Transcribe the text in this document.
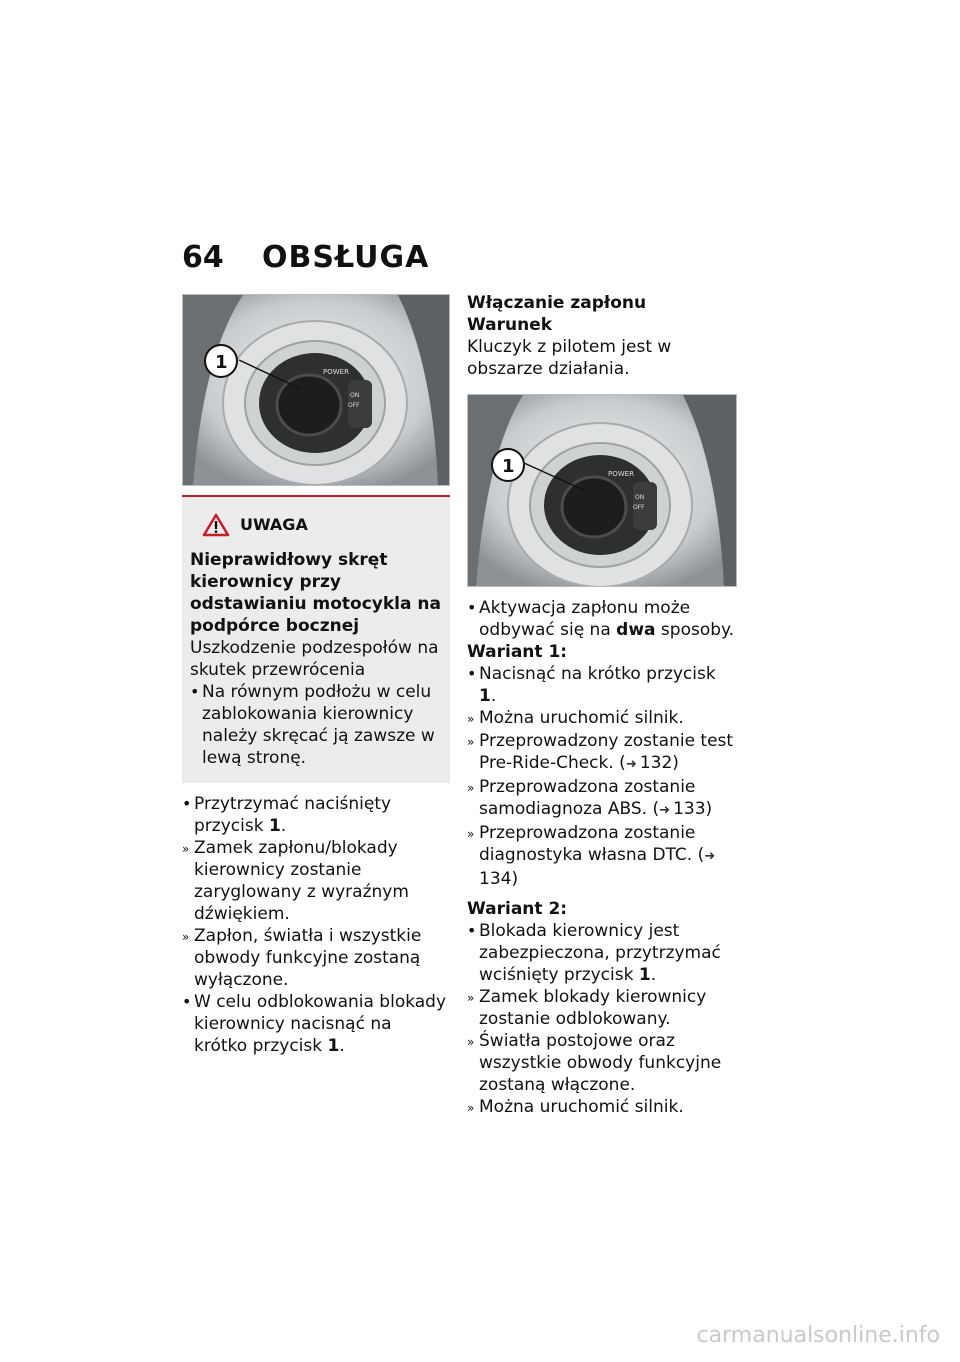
64	OBSŁUGA
POWER
ON
OFF
1
UWAGA
Nieprawidłowy skręt kierownicy przy odstawianiu motocykla na podpórce bocznej
Uszkodzenie podzespołów na skutek przewrócenia
• Na równym podłożu w celu zablokowania kierownicy należy skręcać ją zawsze w lewą stronę.
• Przytrzymać naciśnięty przycisk 1.
» Zamek zapłonu/blokady kierownicy zostanie zaryglowany z wyraźnym dźwiękiem.
» Zapłon, światła i wszystkie obwody funkcyjne zostaną wyłączone.
• W celu odblokowania blokady kierownicy nacisnąć na krótko przycisk 1.
Włączanie zapłonu
Warunek
Kluczyk z pilotem jest w obszarze działania.
POWER
ON
OFF
1
• Aktywacja zapłonu może odbywać się na dwa sposoby.
Wariant 1:
• Nacisnąć na krótko przycisk 1.
» Można uruchomić silnik.
» Przeprowadzony zostanie test Pre-Ride-Check. (➜ 132)
» Przeprowadzona zostanie samodiagnoza ABS. (➜ 133)
» Przeprowadzona zostanie diagnostyka własna DTC. (➜134)
Wariant 2:
• Blokada kierownicy jest zabezpieczona, przytrzymać wciśnięty przycisk 1.
» Zamek blokady kierownicy zostanie odblokowany.
» Światła postojowe oraz wszystkie obwody funkcyjne zostaną włączone.
» Można uruchomić silnik.
carmanualsonline.info
